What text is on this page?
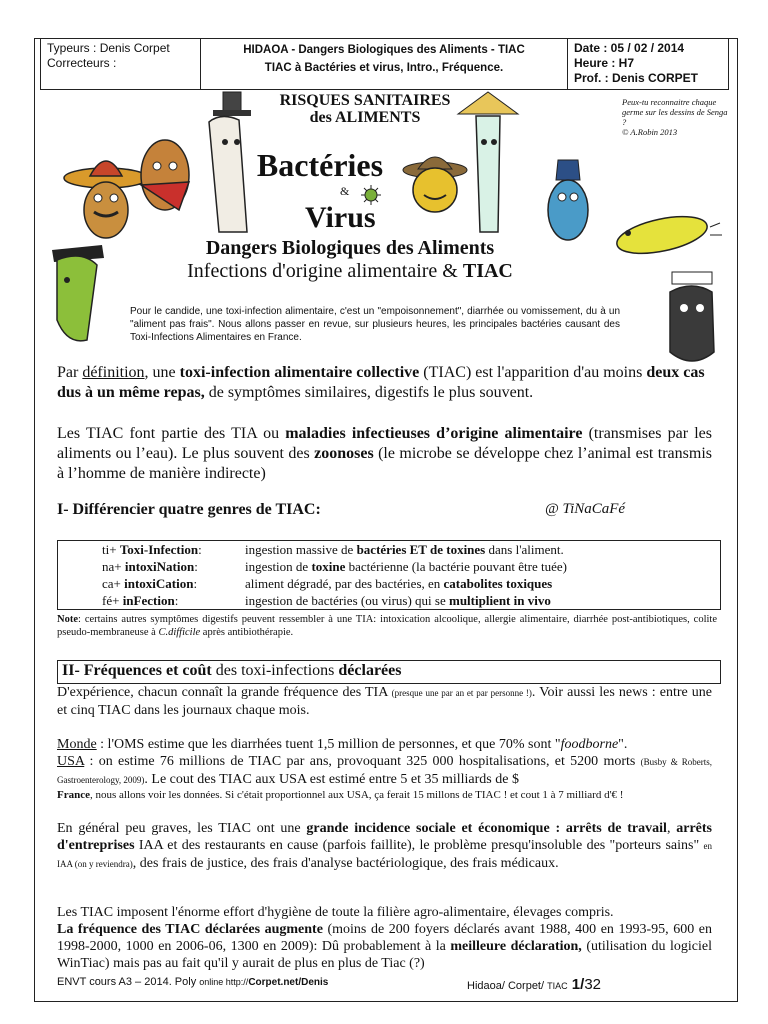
Typeurs : Denis Corpet
Correcteurs :
HIDAOA - Dangers Biologiques des Aliments - TIAC
TIAC à Bactéries et virus, Intro., Fréquence.
Date : 05 / 02 / 2014
Heure : H7
Prof. : Denis CORPET
RISQUES SANITAIRES
des ALIMENTS
Peux-tu reconnaitre chaque germe sur les dessins de Senga ?
© A.Robin 2013
Bactéries
&
Virus
Dangers Biologiques des Aliments
Infections d'origine alimentaire & TIAC
Pour le candide, une toxi-infection alimentaire, c'est un "empoisonnement", diarrhée ou vomissement, du à un "aliment pas frais". Nous allons passer en revue, sur plusieurs heures, les principales bactéries causant des Toxi-Infections Alimentaires en France.
Par définition, une toxi-infection alimentaire collective (TIAC) est l'apparition d'au moins deux cas dus à un même repas, de symptômes similaires, digestifs le plus souvent.
Les TIAC font partie des TIA ou maladies infectieuses d’origine alimentaire (transmises par les aliments ou l’eau). Le plus souvent des zoonoses (le microbe se développe chez l’animal est transmis à l’homme de manière indirecte)
I- Différencier quatre genres de TIAC:	@ TiNaCaFé
ti+ Toxi-Infection:	ingestion massive de bactéries ET de toxines dans l'aliment.
na+ intoxiNation:	ingestion de toxine bactérienne (la bactérie pouvant être tuée)
ca+ intoxiCation:	aliment dégradé, par des bactéries, en catabolites toxiques
fé+ inFection:	ingestion de bactéries (ou virus) qui se multiplient in vivo
Note: certains autres symptômes digestifs peuvent ressembler à une TIA: intoxication alcoolique, allergie alimentaire, diarrhée post-antibiotiques, colite pseudo-membraneuse à C.difficile après antibiothérapie.
II- Fréquences et coût des toxi-infections déclarées
D'expérience, chacun connaît la grande fréquence des TIA (presque une par an et par personne !). Voir aussi les news : entre une et cinq TIAC dans les journaux chaque mois.
Monde : l'OMS estime que les diarrhées tuent 1,5 million de personnes, et que 70% sont "foodborne".
USA : on estime 76 millions de TIAC par ans, provoquant 325 000 hospitalisations, et 5200 morts (Busby & Roberts, Gastroenterology, 2009). Le cout des TIAC aux USA est estimé entre 5 et 35 milliards de $
France, nous allons voir les données. Si c'était proportionnel aux USA, ça ferait 15 millons de TIAC ! et cout 1 à 7 milliard d'€ !
En général peu graves, les TIAC ont une grande incidence sociale et économique : arrêts de travail, arrêts d'entreprises IAA et des restaurants en cause (parfois faillite), le problème presqu'insoluble des "porteurs sains" en IAA (on y reviendra), des frais de justice, des frais d'analyse bactériologique, des frais médicaux.
Les TIAC imposent l'énorme effort d'hygiène de toute la filière agro-alimentaire, élevages compris.
La fréquence des TIAC déclarées augmente (moins de 200 foyers déclarés avant 1988, 400 en 1993-95, 600 en 1998-2000, 1000 en 2006-06, 1300 en 2009): Dû probablement à la meilleure déclaration, (utilisation du logiciel WinTiac) mais pas au fait qu'il y aurait de plus en plus de Tiac (?)
ENVT cours A3 – 2014. Poly online http://Corpet.net/Denis	Hidaoa/ Corpet/ TIAC 1/32
